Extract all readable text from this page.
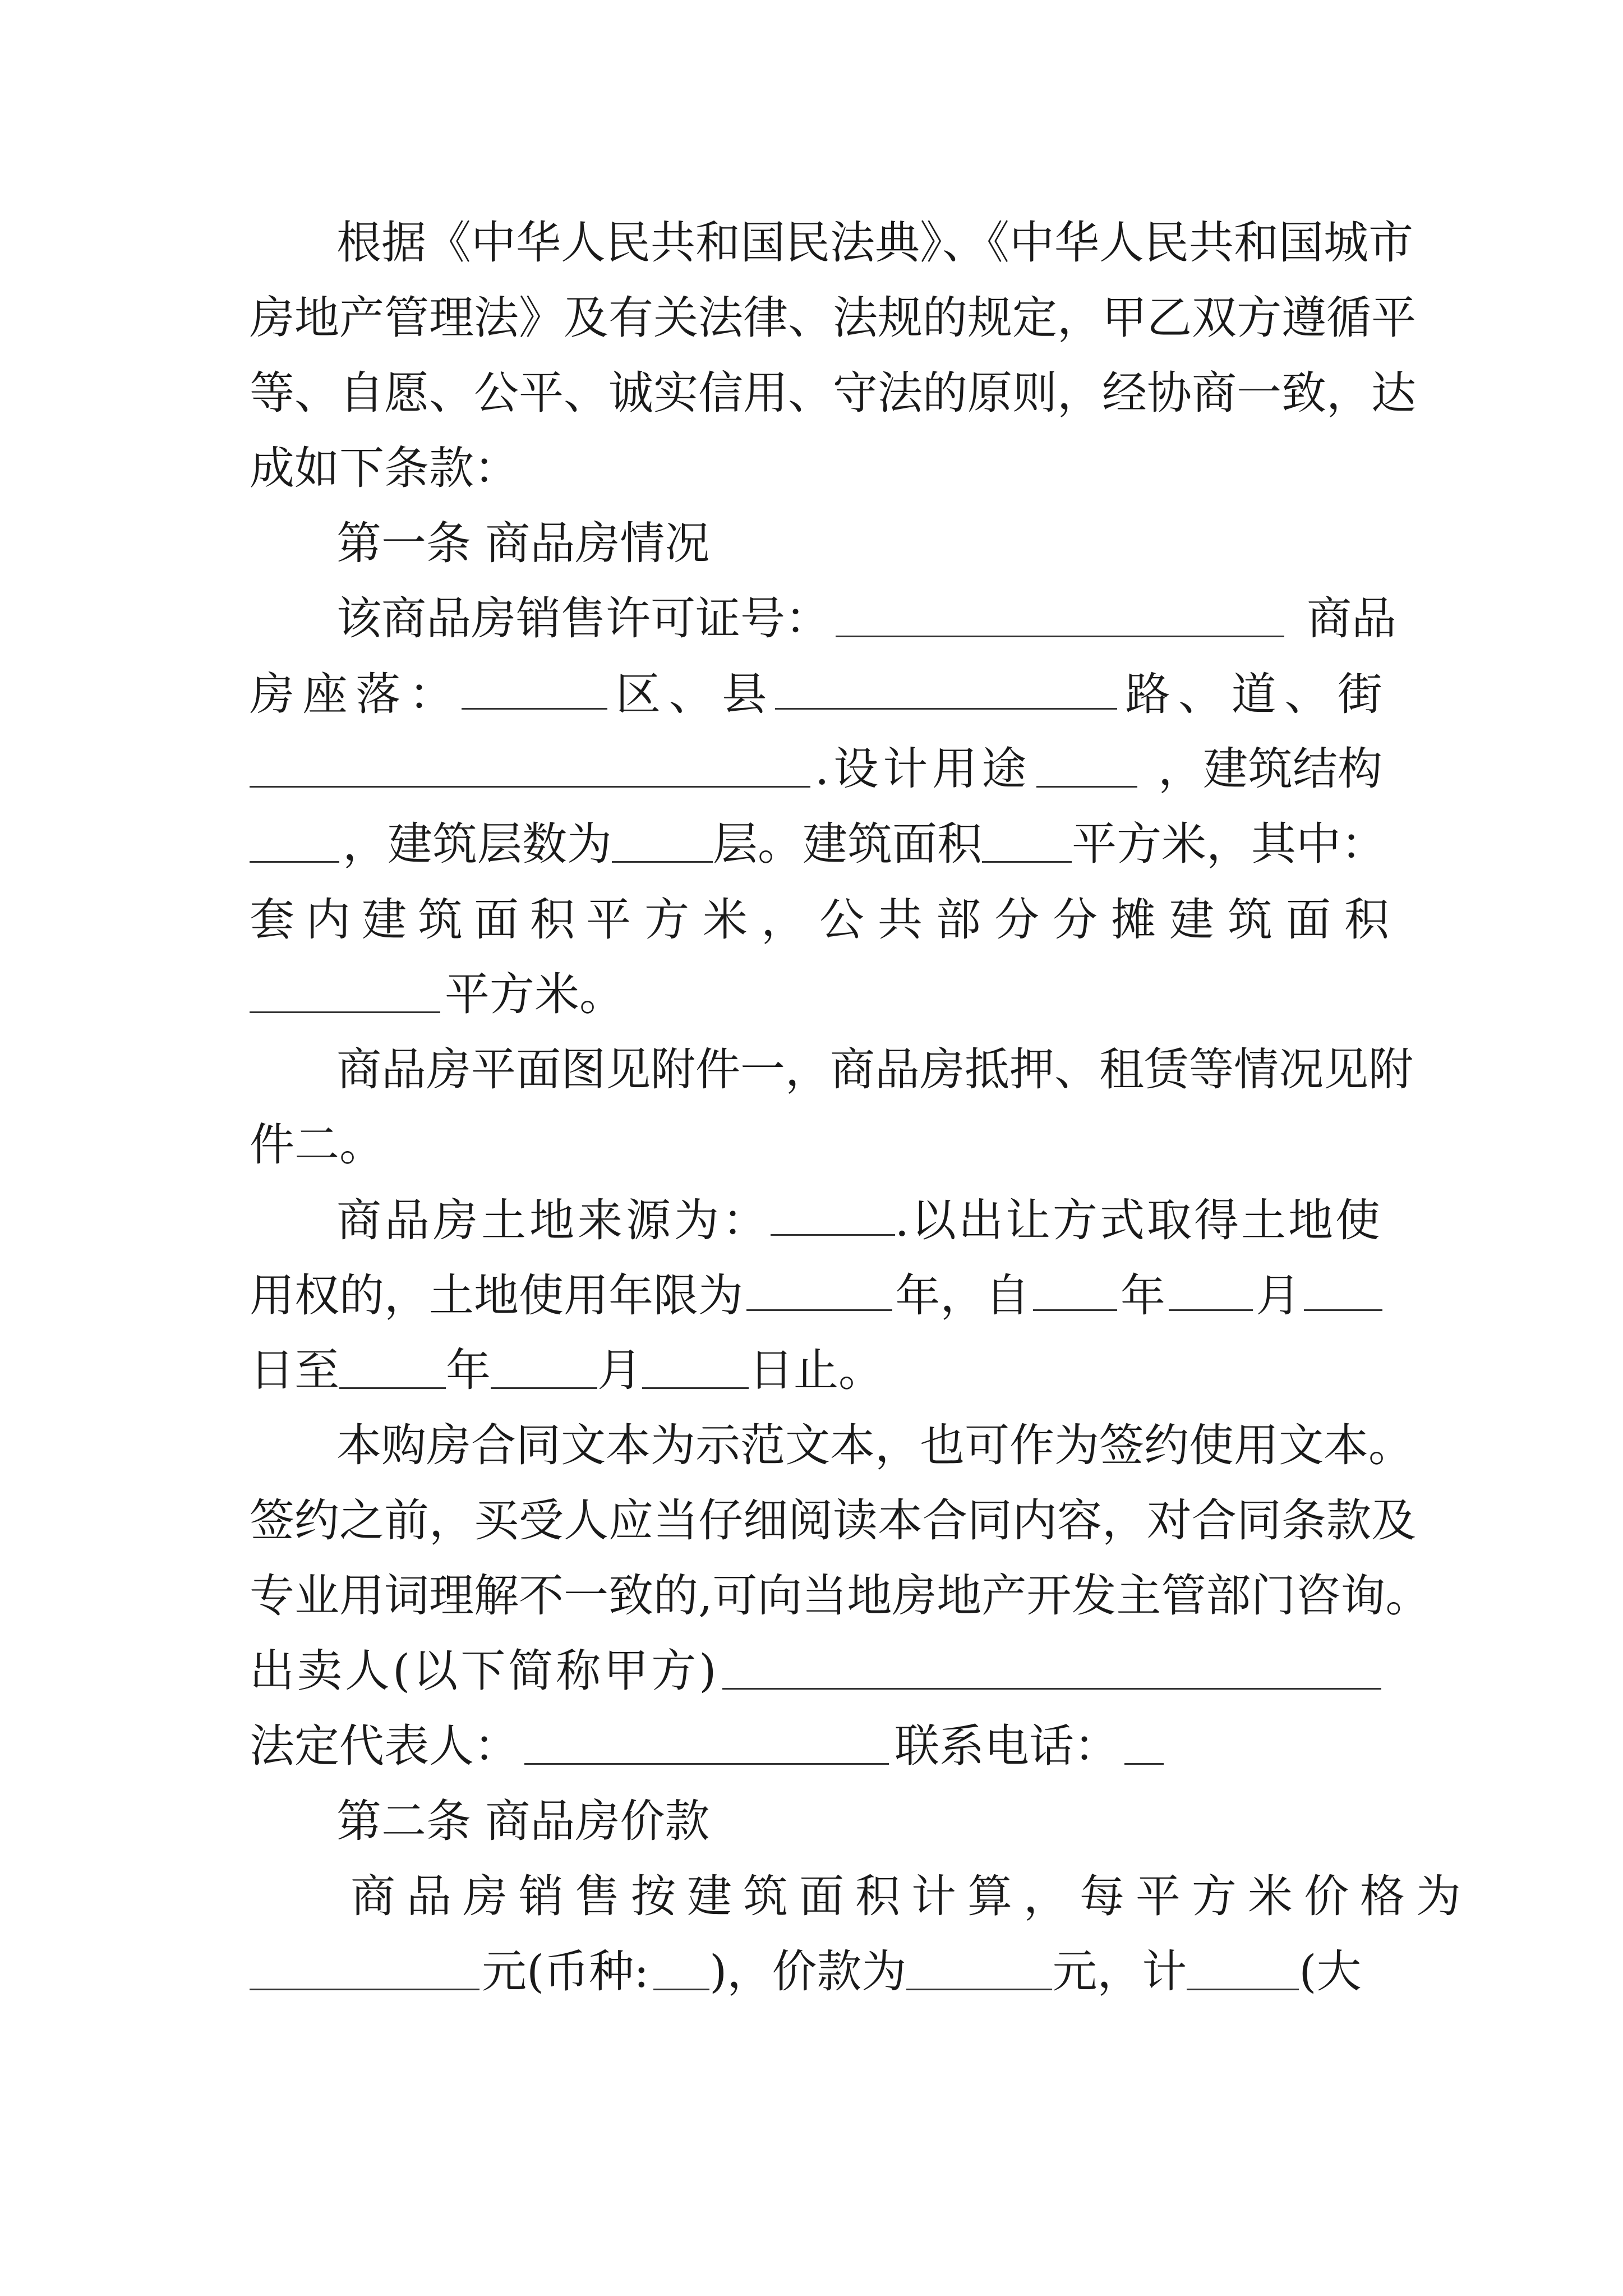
根据《中华人民共和国民法典》、《中华人民共和国城市
房地产管理法》及有关法律、法规的规定，甲乙双方遵循平
等、自愿、公平、诚实信用、守法的原则，经协商一致，达
成如下条款：
第一条 商品房情况
该商品房销售许可证号：	商品
房 座 落 ：	区 、 县	路 、 道 、 街
.设计用途	，建筑结构
，建筑层数为 层。建筑面积 平方米，其中：
套内建筑面积 平方米，公共部分分摊建筑面积
平方米。
商品房平面图见附件一，商品房抵押、租赁等情况见附
件二。
商品房土地来源为：	.以出让方式取得土地使
用权的，土地使用年限为	年，自 年 月
日至 年 月 日止。
本购房合同文本为示范文本，也可作为签约使用文本。
签约之前，买受人应当仔细阅读本合同内容，对合同条款及
专业用词理解不一致的,可向当地房地产开发主管部门咨询。
出卖人(以下简称甲方)
法定代表人：	联系电话：
第二条 商品房价款
商品房销售按建筑面积计算，每平方米价格为
元(币种: )，价款为	元，计	(大
